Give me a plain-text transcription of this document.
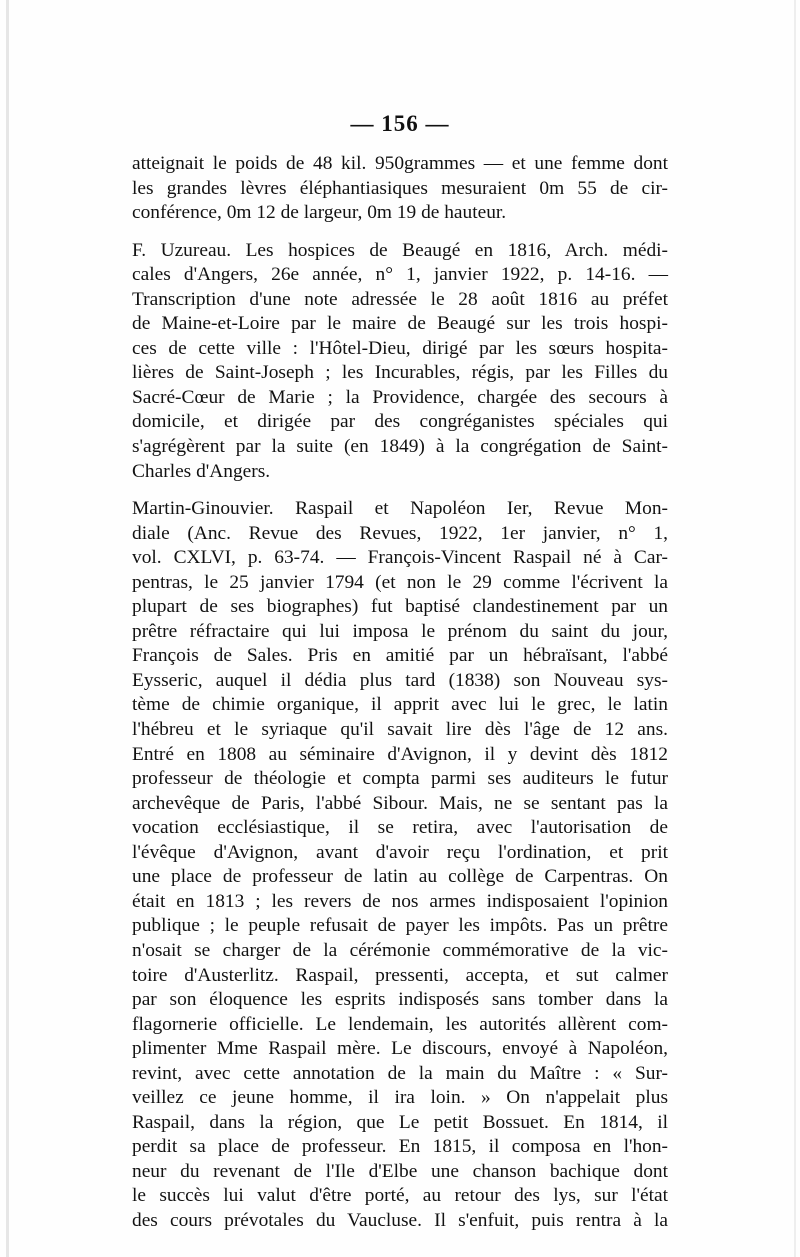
— 156 —
atteignait le poids de 48 kil. 950grammes — et une femme dont
les grandes lèvres éléphantiasiques mesuraient 0m 55 de cir-
conférence, 0m 12 de largeur, 0m 19 de hauteur.
F. Uzureau. Les hospices de Beaugé en 1816, Arch. médi-
cales d'Angers, 26e année, n° 1, janvier 1922, p. 14-16. —
Transcription d'une note adressée le 28 août 1816 au préfet
de Maine-et-Loire par le maire de Beaugé sur les trois hospi-
ces de cette ville : l'Hôtel-Dieu, dirigé par les sœurs hospita-
lières de Saint-Joseph ; les Incurables, régis, par les Filles du
Sacré-Cœur de Marie ; la Providence, chargée des secours à
domicile, et dirigée par des congréganistes spéciales qui
s'agrégèrent par la suite (en 1849) à la congrégation de Saint-
Charles d'Angers.
Martin-Ginouvier. Raspail et Napoléon Ier, Revue Mon-
diale (Anc. Revue des Revues, 1922, 1er janvier, n° 1,
vol. CXLVI, p. 63-74. — François-Vincent Raspail né à Car-
pentras, le 25 janvier 1794 (et non le 29 comme l'écrivent la
plupart de ses biographes) fut baptisé clandestinement par un
prêtre réfractaire qui lui imposa le prénom du saint du jour,
François de Sales. Pris en amitié par un hébraïsant, l'abbé
Eysseric, auquel il dédia plus tard (1838) son Nouveau sys-
tème de chimie organique, il apprit avec lui le grec, le latin
l'hébreu et le syriaque qu'il savait lire dès l'âge de 12 ans.
Entré en 1808 au séminaire d'Avignon, il y devint dès 1812
professeur de théologie et compta parmi ses auditeurs le futur
archevêque de Paris, l'abbé Sibour. Mais, ne se sentant pas la
vocation ecclésiastique, il se retira, avec l'autorisation de
l'évêque d'Avignon, avant d'avoir reçu l'ordination, et prit
une place de professeur de latin au collège de Carpentras. On
était en 1813 ; les revers de nos armes indisposaient l'opinion
publique ; le peuple refusait de payer les impôts. Pas un prêtre
n'osait se charger de la cérémonie commémorative de la vic-
toire d'Austerlitz. Raspail, pressenti, accepta, et sut calmer
par son éloquence les esprits indisposés sans tomber dans la
flagornerie officielle. Le lendemain, les autorités allèrent com-
plimenter Mme Raspail mère. Le discours, envoyé à Napoléon,
revint, avec cette annotation de la main du Maître : « Sur-
veillez ce jeune homme, il ira loin. » On n'appelait plus
Raspail, dans la région, que Le petit Bossuet. En 1814, il
perdit sa place de professeur. En 1815, il composa en l'hon-
neur du revenant de l'Ile d'Elbe une chanson bachique dont
le succès lui valut d'être porté, au retour des lys, sur l'état
des cours prévotales du Vaucluse. Il s'enfuit, puis rentra à la
